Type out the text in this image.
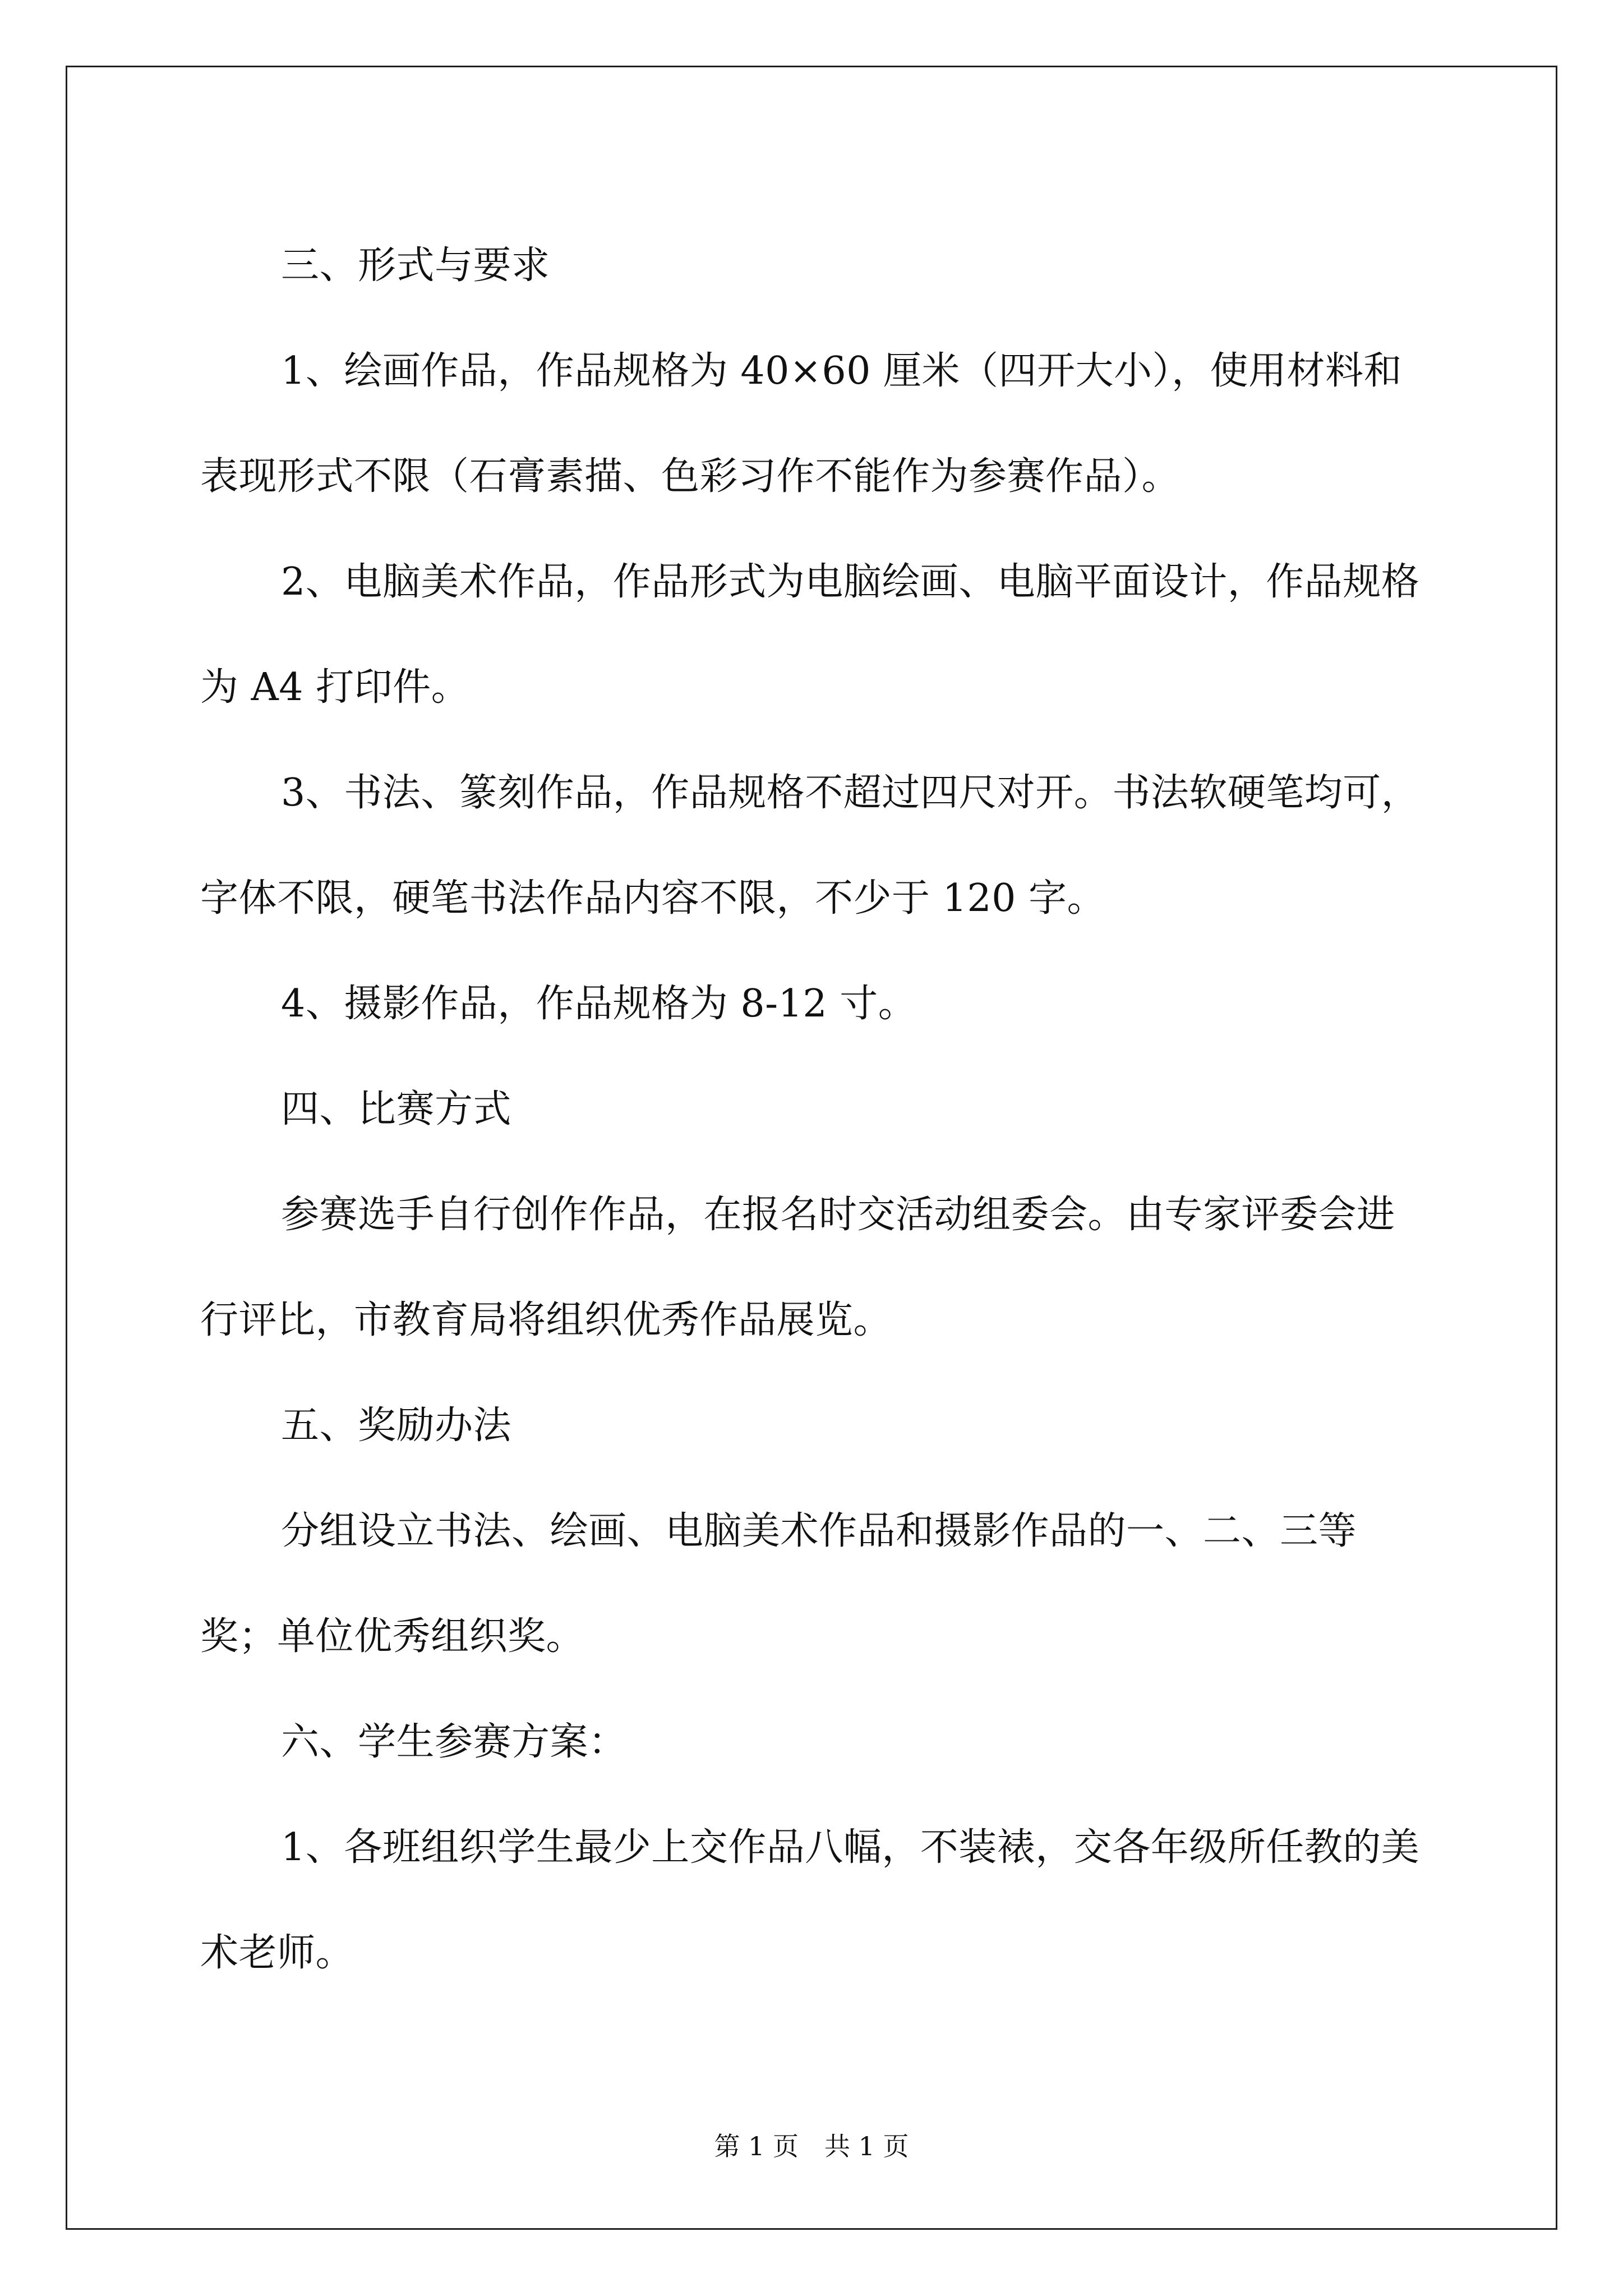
三、形式与要求

1、绘画作品，作品规格为 40×60 厘米（四开大小），使用材料和表现形式不限（石膏素描、色彩习作不能作为参赛作品）。

2、电脑美术作品，作品形式为电脑绘画、电脑平面设计，作品规格为 A4 打印件。

3、书法、篆刻作品，作品规格不超过四尺对开。书法软硬笔均可，字体不限，硬笔书法作品内容不限，不少于 120 字。

4、摄影作品，作品规格为 8-12 寸。

四、比赛方式

参赛选手自行创作作品，在报名时交活动组委会。由专家评委会进行评比，市教育局将组织优秀作品展览。

五、奖励办法

分组设立书法、绘画、电脑美术作品和摄影作品的一、二、三等奖；单位优秀组织奖。

六、学生参赛方案：

1、各班组织学生最少上交作品八幅，不装裱，交各年级所任教的美术老师。

第 1 页　共 1 页
